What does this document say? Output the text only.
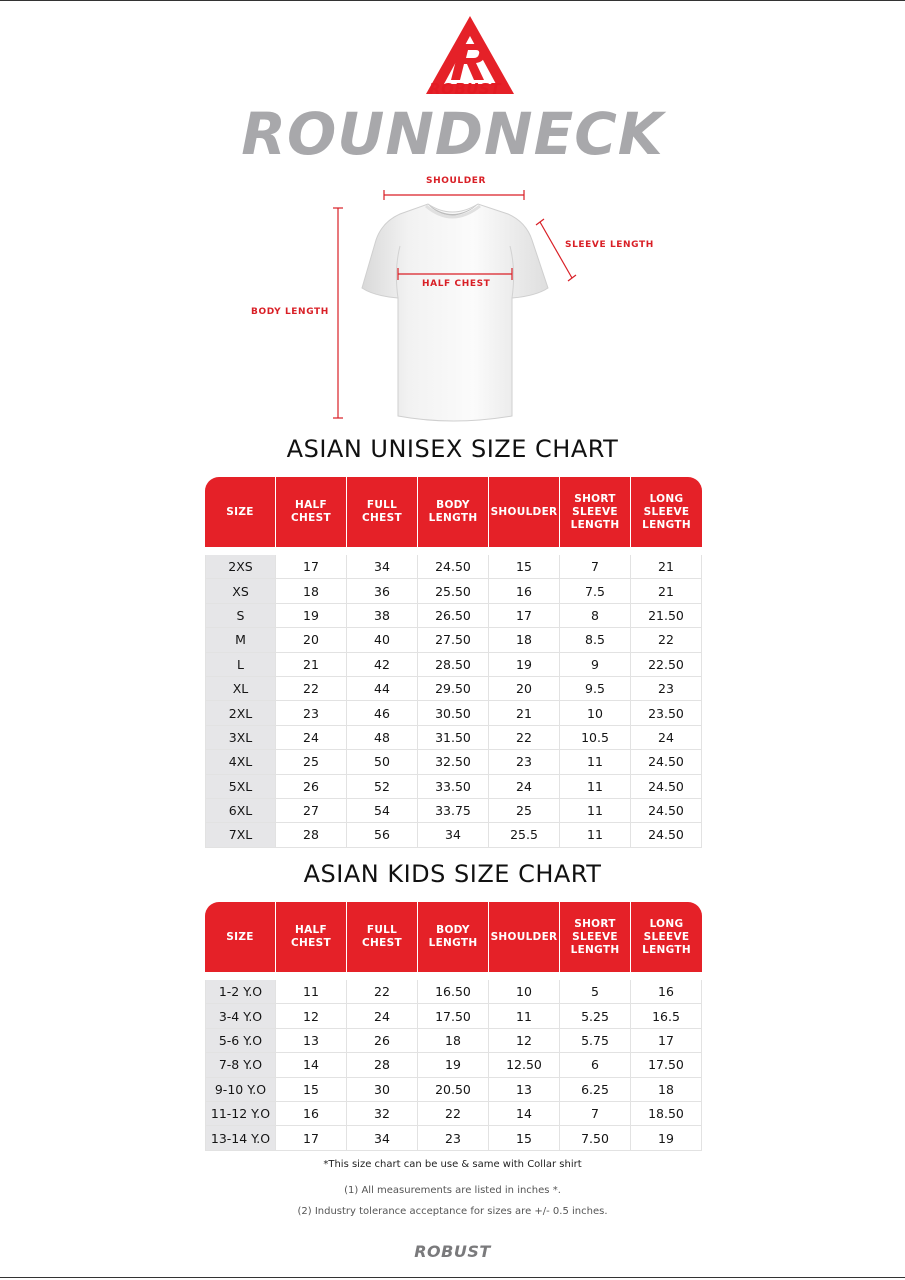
ROBUST
ROUNDNECK
SHOULDER
SLEEVE LENGTH
HALF CHEST
BODY LENGTH
ASIAN UNISEX SIZE CHART
SIZE	HALF CHEST	FULL CHEST	BODY LENGTH	SHOULDER	SHORT SLEEVE LENGTH	LONG SLEEVE LENGTH

2XS	17	34	24.50	15	7	21
XS	18	36	25.50	16	7.5	21
S	19	38	26.50	17	8	21.50
M	20	40	27.50	18	8.5	22
L	21	42	28.50	19	9	22.50
XL	22	44	29.50	20	9.5	23
2XL	23	46	30.50	21	10	23.50
3XL	24	48	31.50	22	10.5	24
4XL	25	50	32.50	23	11	24.50
5XL	26	52	33.50	24	11	24.50
6XL	27	54	33.75	25	11	24.50
7XL	28	56	34	25.5	11	24.50
ASIAN KIDS SIZE CHART
SIZE	HALF CHEST	FULL CHEST	BODY LENGTH	SHOULDER	SHORT SLEEVE LENGTH	LONG SLEEVE LENGTH

1-2 Y.O	11	22	16.50	10	5	16
3-4 Y.O	12	24	17.50	11	5.25	16.5
5-6 Y.O	13	26	18	12	5.75	17
7-8 Y.O	14	28	19	12.50	6	17.50
9-10 Y.O	15	30	20.50	13	6.25	18
11-12 Y.O	16	32	22	14	7	18.50
13-14 Y.O	17	34	23	15	7.50	19
*This size chart can be use & same with Collar shirt
(1) All measurements are listed in inches *.
(2) Industry tolerance acceptance for sizes are +/- 0.5 inches.
ROBUST
